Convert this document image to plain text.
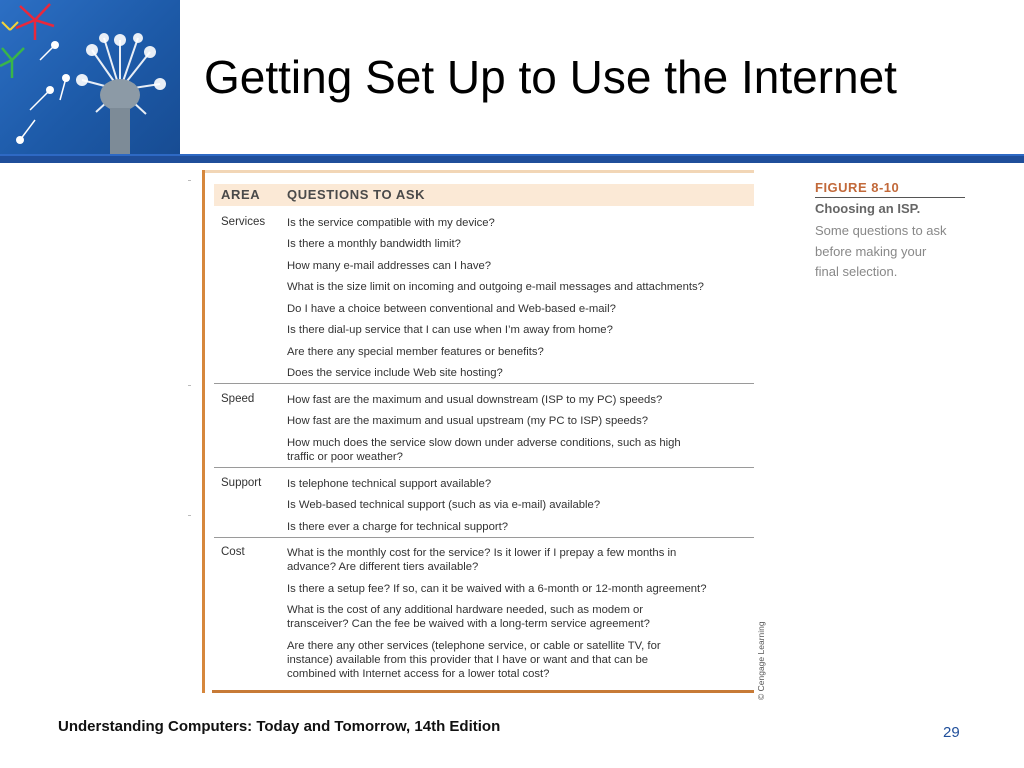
Getting Set Up to Use the Internet
AREA QUESTIONS TO ASK
Services Is the service compatible with my device?
Is there a monthly bandwidth limit?
How many e-mail addresses can I have?
What is the size limit on incoming and outgoing e-mail messages and attachments?
Do I have a choice between conventional and Web-based e-mail?
Is there dial-up service that I can use when I’m away from home?
Are there any special member features or benefits?
Does the service include Web site hosting?
Speed	How fast are the maximum and usual downstream (ISP to my PC) speeds?
How fast are the maximum and usual upstream (my PC to ISP) speeds?
How much does the service slow down under adverse conditions, such as high
traffic or poor weather?
Support Is telephone technical support available?
Is Web-based technical support (such as via e-mail) available?
Is there ever a charge for technical support?
Cost	What is the monthly cost for the service? Is it lower if I prepay a few months in
advance? Are different tiers available?
Is there a setup fee? If so, can it be waived with a 6-month or 12-month agreement?
What is the cost of any additional hardware needed, such as modem or
transceiver? Can the fee be waived with a long-term service agreement?
Are there any other services (telephone service, or cable or satellite TV, for
instance) available from this provider that I have or want and that can be
combined with Internet access for a lower total cost?	© Cengage Learning
FIGURE 8-10
Choosing an ISP.
Some questions to ask
before making your
final selection.
Understanding Computers: Today and Tomorrow, 14th Edition	29
